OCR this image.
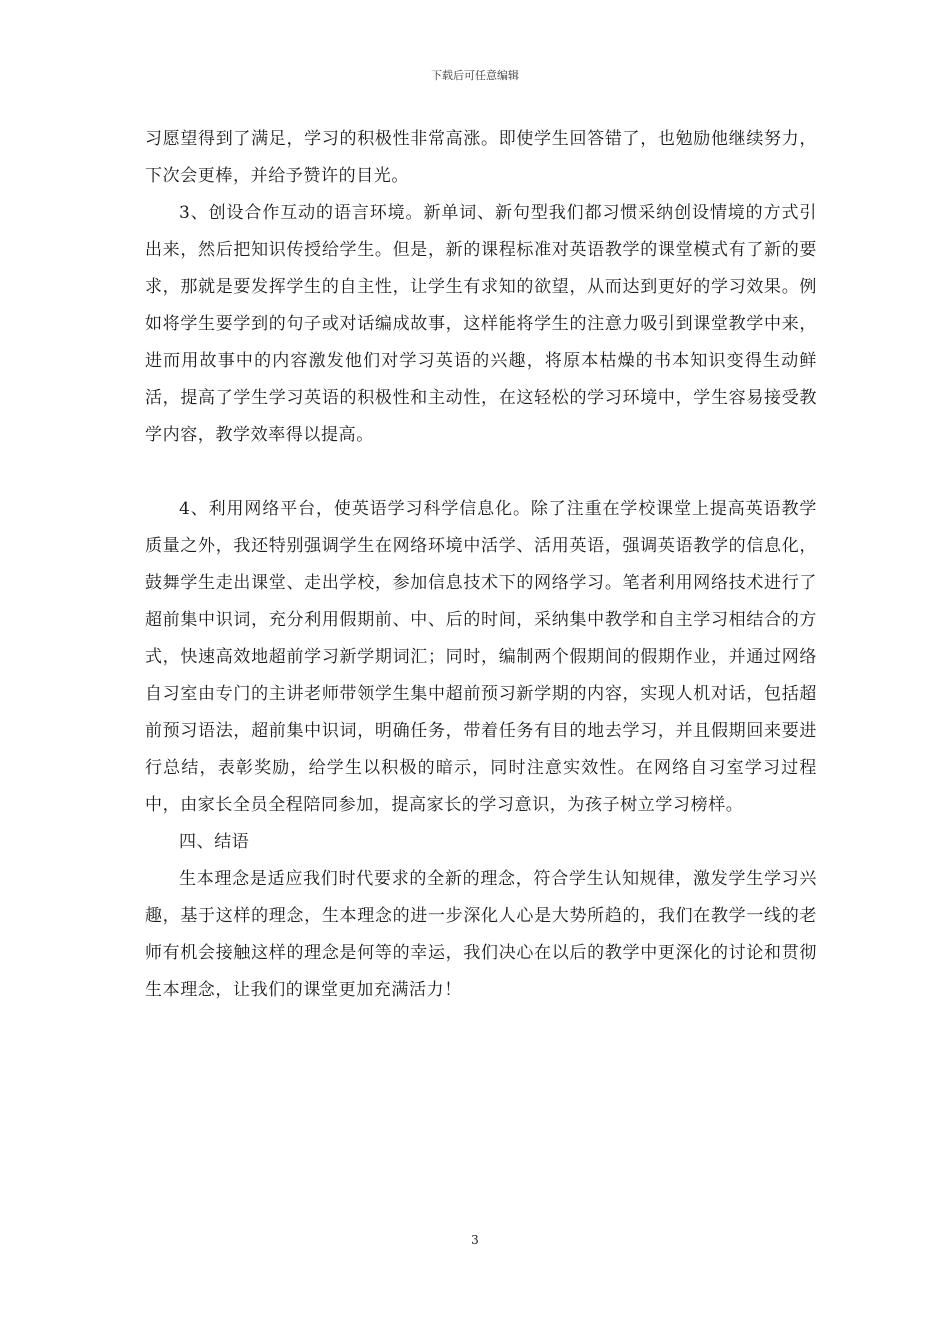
下载后可任意编辑

习愿望得到了满足，学习的积极性非常高涨。即使学生回答错了，也勉励他继续努力，下次会更棒，并给予赞许的目光。

3、创设合作互动的语言环境。新单词、新句型我们都习惯采纳创设情境的方式引出来，然后把知识传授给学生。但是，新的课程标准对英语教学的课堂模式有了新的要求，那就是要发挥学生的自主性，让学生有求知的欲望，从而达到更好的学习效果。例如将学生要学到的句子或对话编成故事，这样能将学生的注意力吸引到课堂教学中来，进而用故事中的内容激发他们对学习英语的兴趣，将原本枯燥的书本知识变得生动鲜活，提高了学生学习英语的积极性和主动性，在这轻松的学习环境中，学生容易接受教学内容，教学效率得以提高。

4、利用网络平台，使英语学习科学信息化。除了注重在学校课堂上提高英语教学质量之外，我还特别强调学生在网络环境中活学、活用英语，强调英语教学的信息化，鼓舞学生走出课堂、走出学校，参加信息技术下的网络学习。笔者利用网络技术进行了超前集中识词，充分利用假期前、中、后的时间，采纳集中教学和自主学习相结合的方式，快速高效地超前学习新学期词汇；同时，编制两个假期间的假期作业，并通过网络自习室由专门的主讲老师带领学生集中超前预习新学期的内容，实现人机对话，包括超前预习语法，超前集中识词，明确任务，带着任务有目的地去学习，并且假期回来要进行总结，表彰奖励，给学生以积极的暗示，同时注意实效性。在网络自习室学习过程中，由家长全员全程陪同参加，提高家长的学习意识，为孩子树立学习榜样。

四、结语

生本理念是适应我们时代要求的全新的理念，符合学生认知规律，激发学生学习兴趣，基于这样的理念，生本理念的进一步深化人心是大势所趋的，我们在教学一线的老师有机会接触这样的理念是何等的幸运，我们决心在以后的教学中更深化的讨论和贯彻生本理念，让我们的课堂更加充满活力！

3
